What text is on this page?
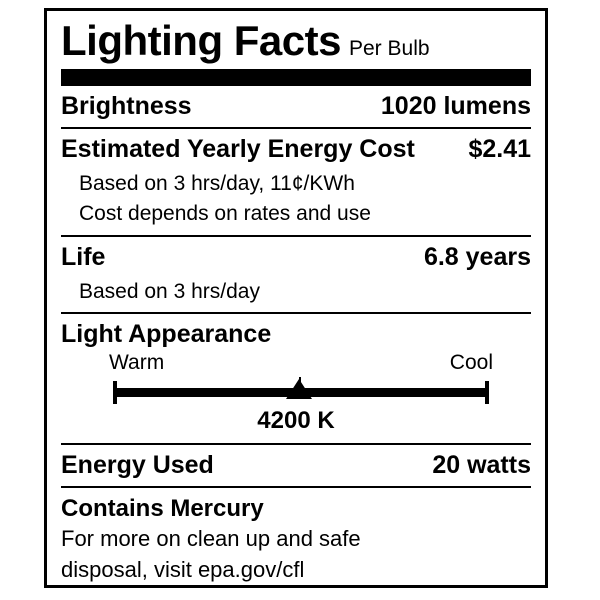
Lighting Facts Per Bulb
Brightness	1020 lumens
Estimated Yearly Energy Cost $2.41
Based on 3 hrs/day, 11¢/KWh
Cost depends on rates and use
Life	6.8 years
Based on 3 hrs/day
Light Appearance
Warm	Cool
4200 K
Energy Used	20 watts
Contains Mercury
For more on clean up and safe
disposal, visit epa.gov/cfl
